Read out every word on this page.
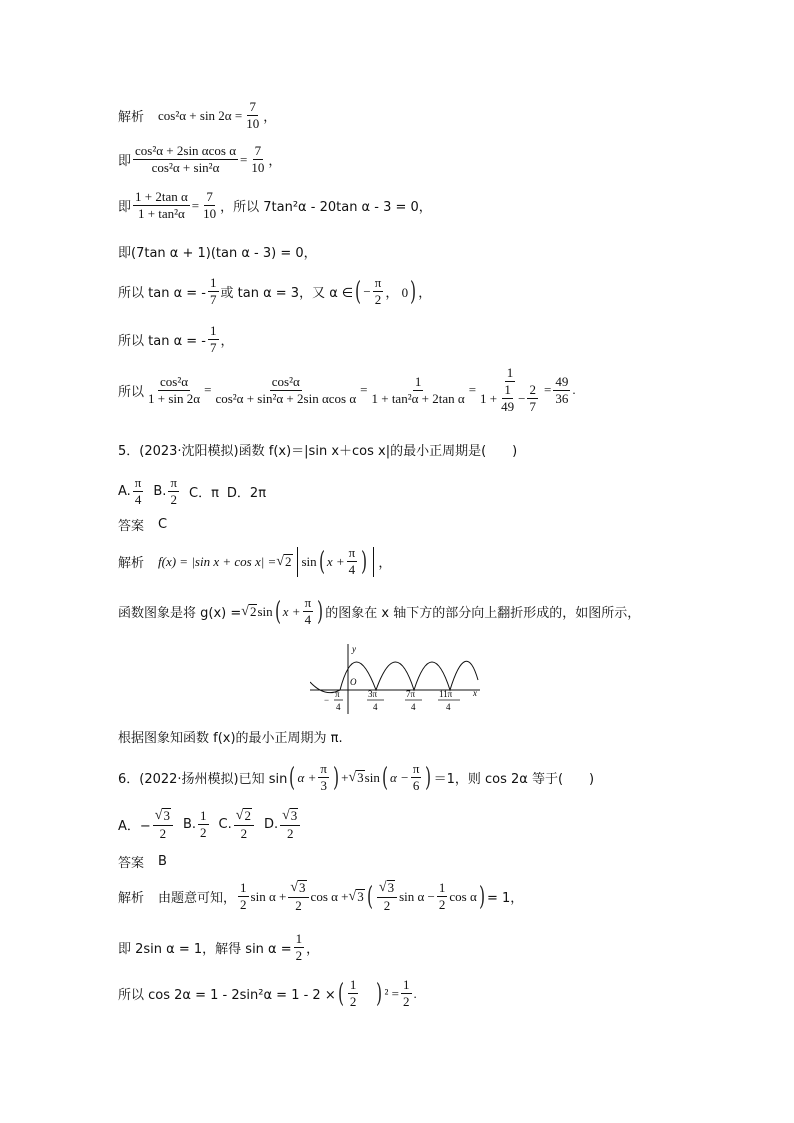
解析 $\cos^2\alpha + \sin 2\alpha = \frac{7}{10}$ ，
即 $\frac{\text{cos²α + 2sin αcos α}}{\text{cos²α + sin²α}} = \frac{7}{10}$ ，
即 $\frac{\text{1 + 2tan α}}{\text{1 + tan²α}} = \frac{7}{10}$ ，所以 7tan²α - 20tan α - 3 = 0，
即(7tan α + 1)(tan α - 3) = 0，
所以 tan α = - $\frac{1}{7}$ 或 tan α = 3，又 α ∈ ( − $\frac{\pi}{2}$ ， 0 ) ，
所以 tan α = - $\frac{1}{7}$ ，
所以 $\frac{\text{cos²α}}{1 + \sin 2\alpha} = \frac{\text{cos²α}}{\text{cos²α + sin²α + 2sin αcos α}} = \frac{1}{\text{1 + tan²α + 2tan α}} = \frac{1}{1 + \frac{1}{49} - \frac{2}{7}} = \frac{49}{36}$ .
5．(2023·沈阳模拟)函数 f(x)＝|sin x＋cos x|的最小正周期是(　　)
A. $\frac{\pi}{4} B$. $\frac{\pi}{2}$ C．π D．2π
答案 C
解析 f(x) = |sin x + cos x| = √ 2 sin ( $x + \frac{\pi}{4}$ ) ，
函数图象是将 g(x) = √ 2 sin ( $x + \frac{\pi}{4}$ ) 的图象在 x 轴下方的部分向上翻折形成的，如图所示，
y
x
O
−
π
4
3π
4
7π
4
11π
4
根据图象知函数 f(x)的最小正周期为 π.
6．(2022·扬州模拟)已知 sin ( $\alpha + \frac{\pi}{3}$ ) + √ 3 sin ( $\alpha - \frac{\pi}{6}$ ) ＝1，则 cos 2α 等于(　　)
A．− $\frac{√ 3}{2} B$. $\frac{1}{2} C$. $\frac{√ 2}{2} D$. $\frac{√ 3}{2}$
答案 B
解析 由题意可知， $\frac{1}{2}$ $\sin \alpha + \frac{√ 3}{2}$ cos α + √ 3 ( $\frac{√ 3}{2}$ $\sin \alpha - \frac{1}{2}$ cos α ) = 1，
即 2sin α = 1，解得 $\sin \alpha = \frac{1}{2}$ ，
所以 cos 2α = 1 - 2sin²α = 1 - 2 × ( $\frac{1}{2}$ ) $^2 = \frac{1}{2}$ .
